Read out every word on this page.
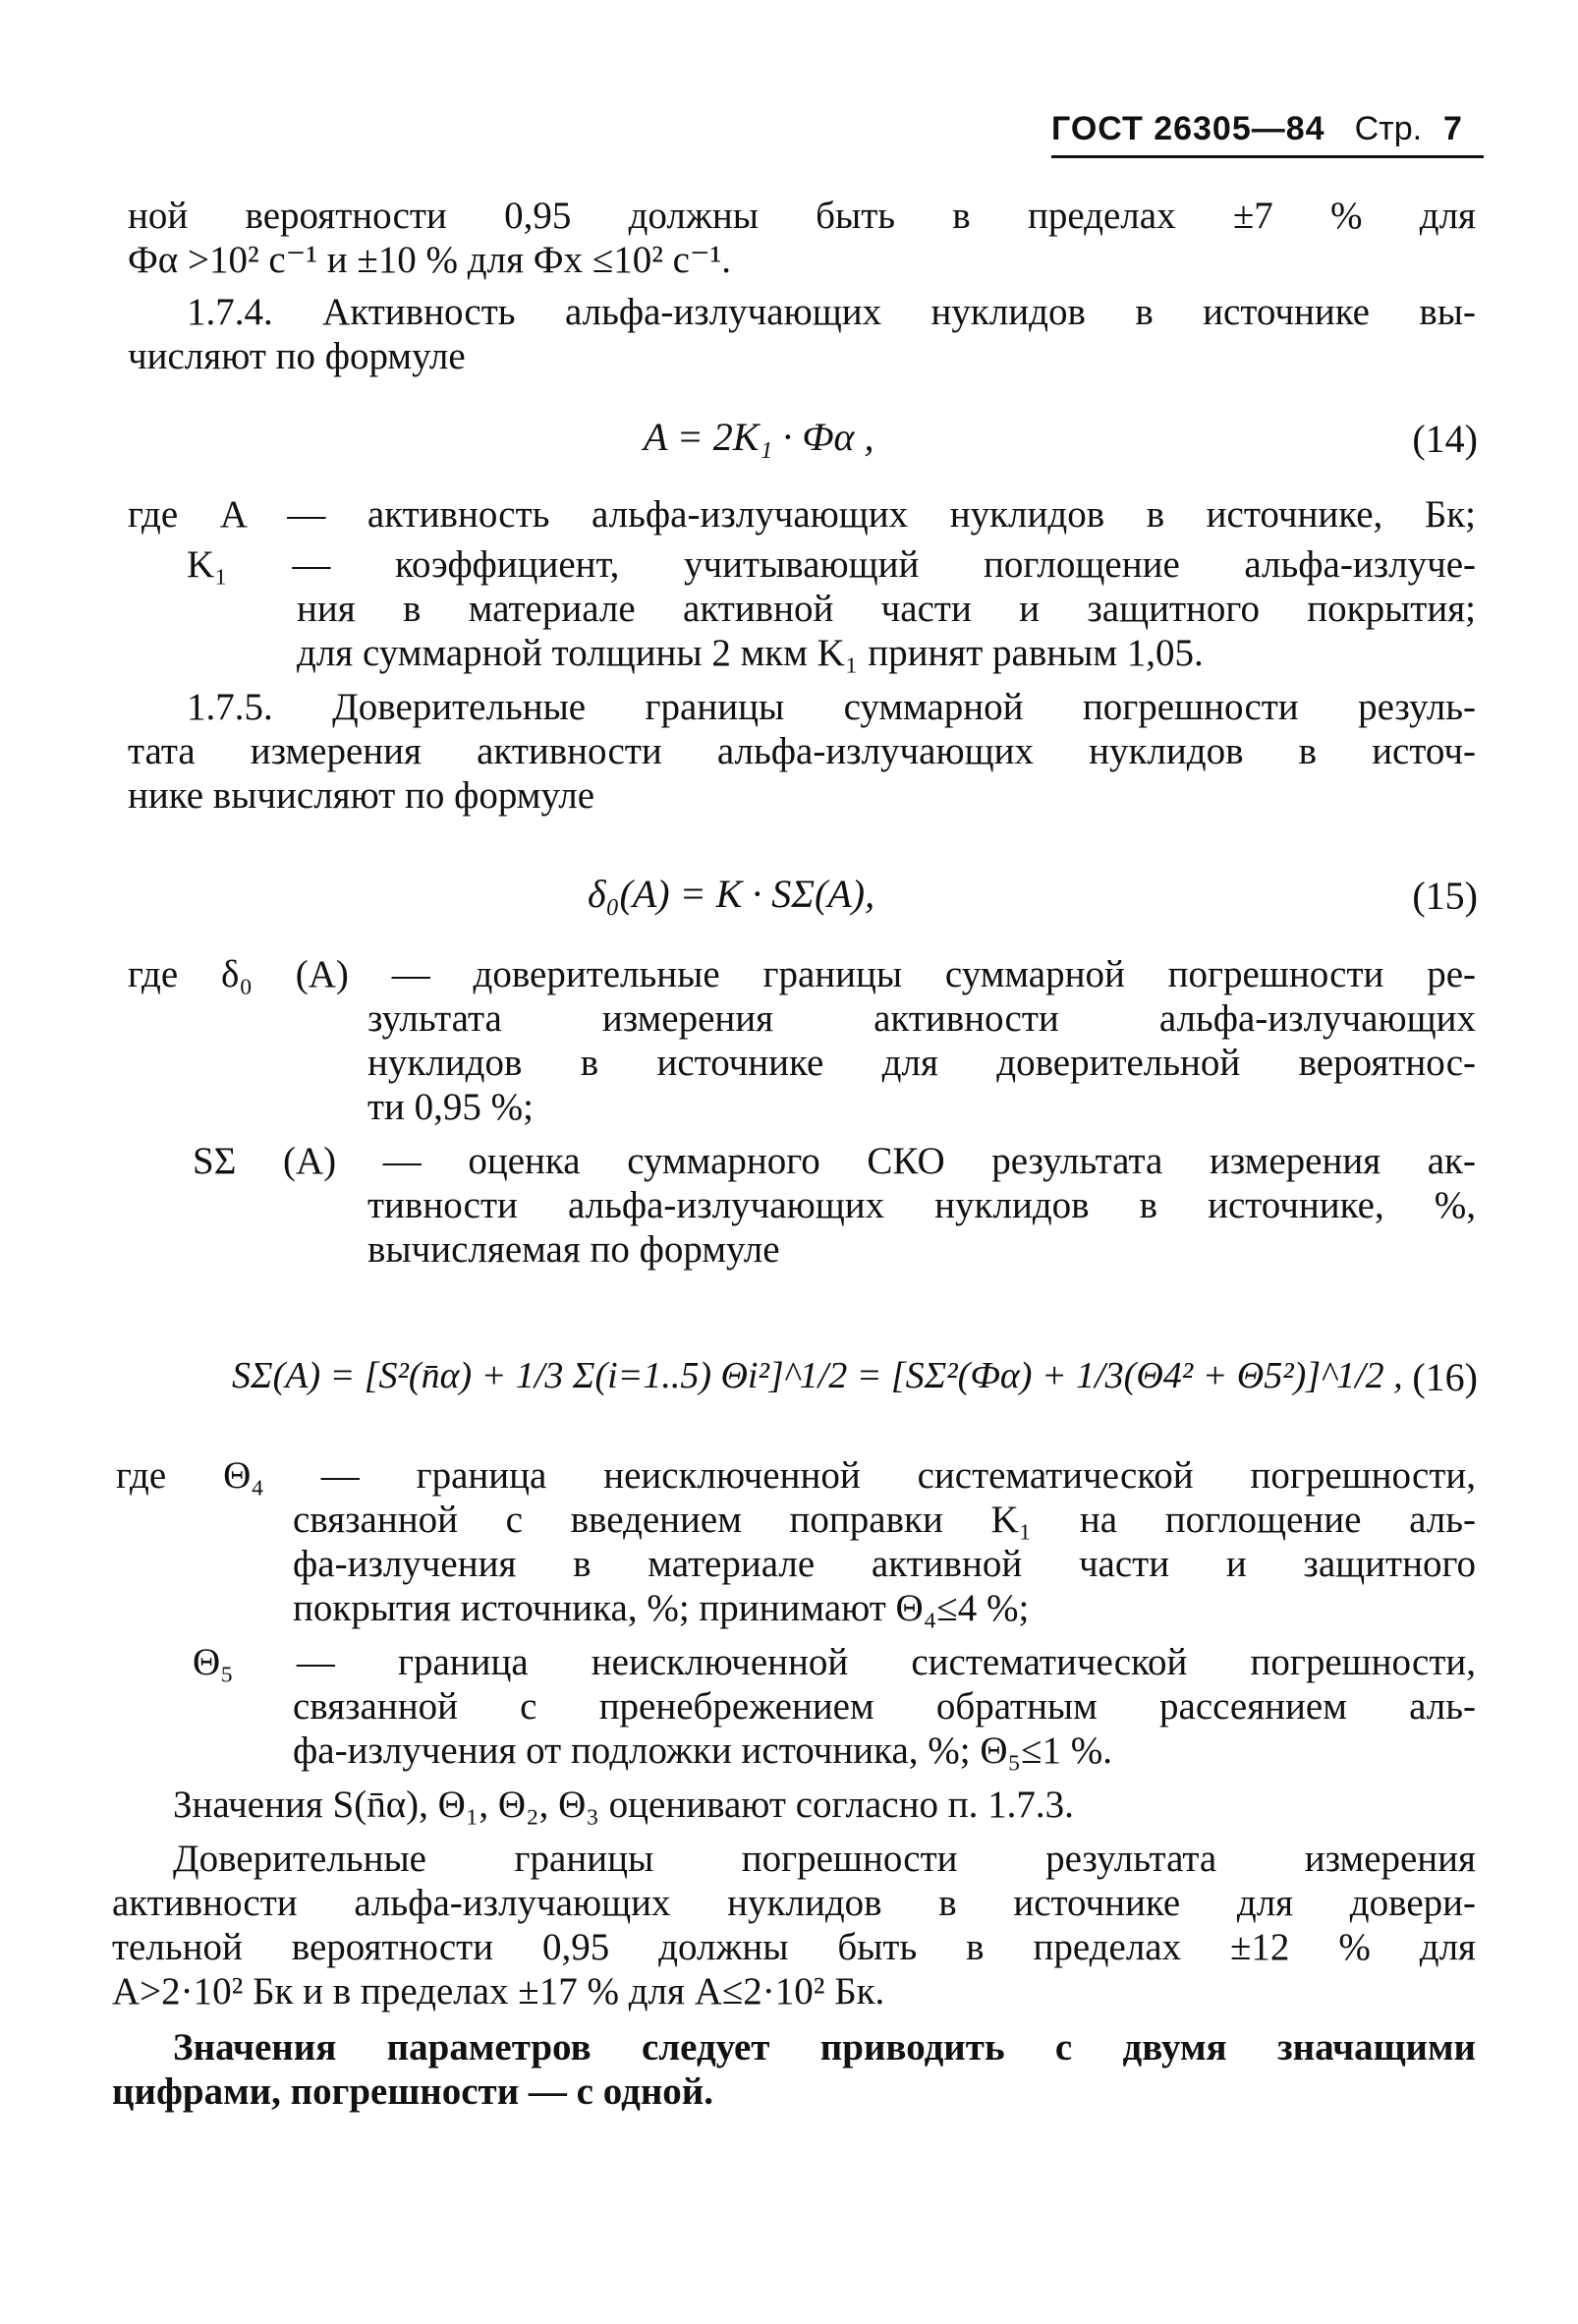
ГОСТ 26305—84 Стр. 7
ной вероятности 0,95 должны быть в пределах ±7 % для
Фα >10² с⁻¹ и ±10 % для Фх ≤10² с⁻¹.
1.7.4. Активность альфа-излучающих нуклидов в источнике вы-
числяют по формуле
A = 2K₁ · Фα ,	(14)
где A — активность альфа-излучающих нуклидов в источнике, Бк;
K₁ — коэффициент, учитывающий поглощение альфа-излуче-
ния в материале активной части и защитного покрытия;
для суммарной толщины 2 мкм K₁ принят равным 1,05.
1.7.5. Доверительные границы суммарной погрешности резуль-
тата измерения активности альфа-излучающих нуклидов в источ-
нике вычисляют по формуле
δ₀(A) = K · SΣ(A),	(15)
где δ₀ (A) — доверительные границы суммарной погрешности ре-
зультата измерения активности альфа-излучающих
нуклидов в источнике для доверительной вероятнос-
ти 0,95 %;
SΣ (A) — оценка суммарного СКО результата измерения ак-
тивности альфа-излучающих нуклидов в источнике, %,
вычисляемая по формуле
SΣ(A) = [S²(n̄α) + 1/3 Σ(i=1..5) Θi²]^1/2 = [SΣ²(Фα) + 1/3(Θ4² + Θ5²)]^1/2 , (16)
где Θ₄ — граница неисключенной систематической погрешности,
связанной с введением поправки K₁ на поглощение аль-
фа-излучения в материале активной части и защитного
покрытия источника, %; принимают Θ₄≤4 %;
Θ₅ — граница неисключенной систематической погрешности,
связанной с пренебрежением обратным рассеянием аль-
фа-излучения от подложки источника, %; Θ₅≤1 %.
Значения S(n̄α), Θ₁, Θ₂, Θ₃ оценивают согласно п. 1.7.3.
Доверительные границы погрешности результата измерения
активности альфа-излучающих нуклидов в источнике для довери-
тельной вероятности 0,95 должны быть в пределах ±12 % для
A>2·10² Бк и в пределах ±17 % для A≤2·10² Бк.
Значения параметров следует приводить с двумя значащими
цифрами, погрешности — с одной.
